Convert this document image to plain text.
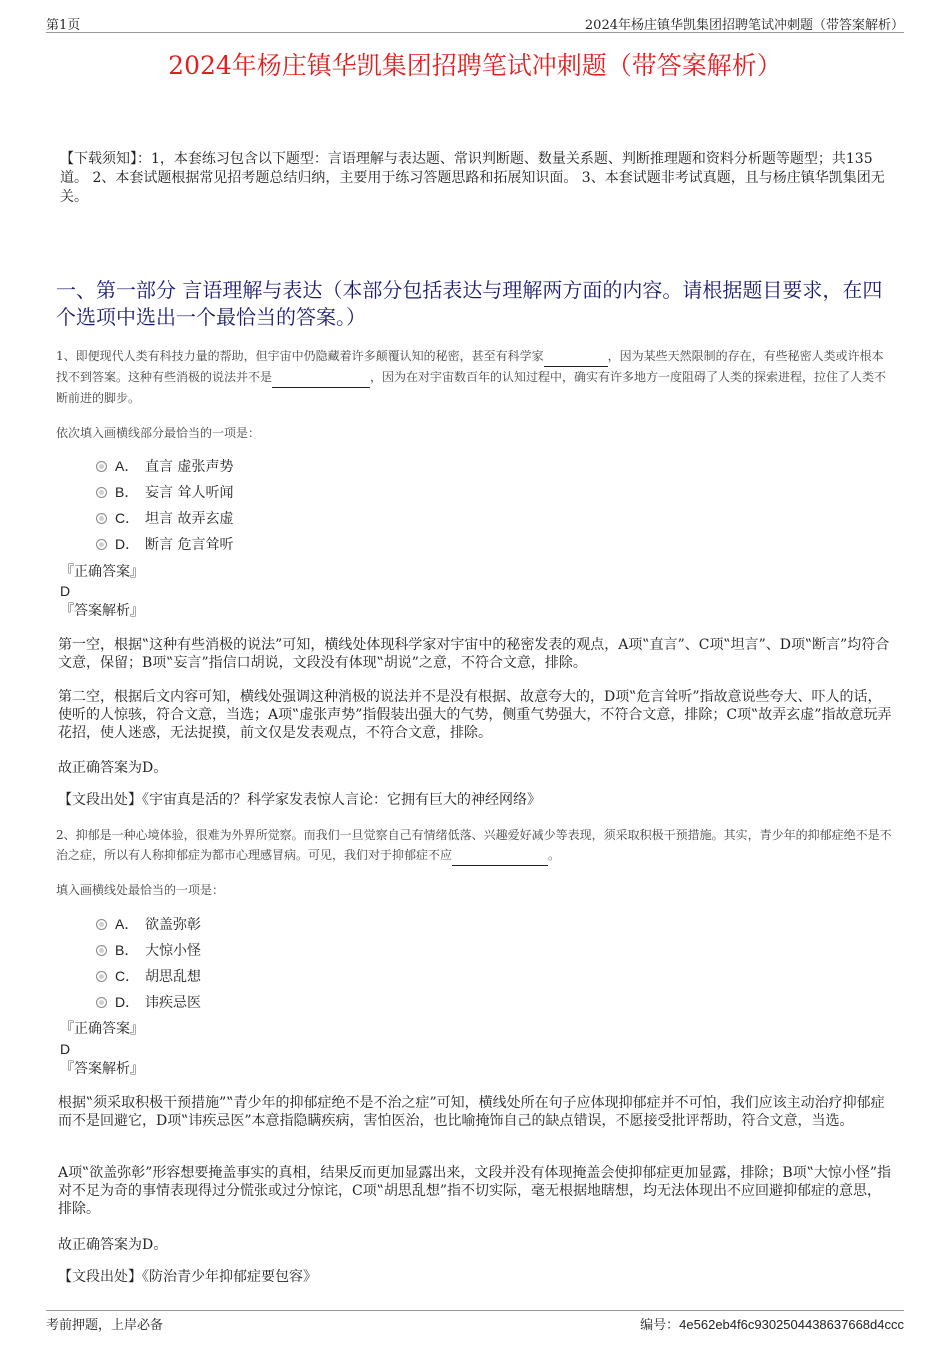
第1页	2024年杨庄镇华凯集团招聘笔试冲刺题（带答案解析）
2024年杨庄镇华凯集团招聘笔试冲刺题（带答案解析）
【下载须知】：1，本套练习包含以下题型：言语理解与表达题、常识判断题、数量关系题、判断推理题和资料分析题等题型；共135道。 2、本套试题根据常见招考题总结归纳，主要用于练习答题思路和拓展知识面。 3、本套试题非考试真题，且与杨庄镇华凯集团无关。
一、第一部分 言语理解与表达（本部分包括表达与理解两方面的内容。请根据题目要求，在四个选项中选出一个最恰当的答案。）
1、即便现代人类有科技力量的帮助，但宇宙中仍隐藏着许多颠覆认知的秘密，甚至有科学家	，因为某些天然限制的存在，有些秘密人类或许根本找不到答案。这种有些消极的说法并不是	，因为在对宇宙数百年的认知过程中，确实有许多地方一度阻碍了人类的探索进程，拉住了人类不断前进的脚步。
依次填入画横线部分最恰当的一项是：
A． 直言 虚张声势
B． 妄言 耸人听闻
C． 坦言 故弄玄虚
D． 断言 危言耸听
『正确答案』
D
『答案解析』
第一空，根据‟这种有些消极的说法”可知，横线处体现科学家对宇宙中的秘密发表的观点，A项‟直言”、C项‟坦言”、D项‟断言”均符合文意，保留；B项‟妄言”指信口胡说，文段没有体现‟胡说”之意，不符合文意，排除。
第二空，根据后文内容可知，横线处强调这种消极的说法并不是没有根据、故意夸大的，D项‟危言耸听”指故意说些夸大、吓人的话，使听的人惊骇，符合文意，当选；A项‟虚张声势”指假装出强大的气势，侧重气势强大，不符合文意，排除；C项‟故弄玄虚”指故意玩弄花招，使人迷惑，无法捉摸，前文仅是发表观点，不符合文意，排除。
故正确答案为D。
【文段出处】《宇宙真是活的？科学家发表惊人言论：它拥有巨大的神经网络》
2、抑郁是一种心境体验，很难为外界所觉察。而我们一旦觉察自己有情绪低落、兴趣爱好减少等表现，须采取积极干预措施。其实，青少年的抑郁症绝不是不治之症，所以有人称抑郁症为都市心理感冒病。可见，我们对于抑郁症不应	。
填入画横线处最恰当的一项是：
A． 欲盖弥彰
B． 大惊小怪
C． 胡思乱想
D． 讳疾忌医
『正确答案』
D
『答案解析』
根据‟须采取积极干预措施”‟青少年的抑郁症绝不是不治之症”可知，横线处所在句子应体现抑郁症并不可怕，我们应该主动治疗抑郁症而不是回避它，D项‟讳疾忌医”本意指隐瞒疾病，害怕医治，也比喻掩饰自己的缺点错误，不愿接受批评帮助，符合文意，当选。
A项‟欲盖弥彰”形容想要掩盖事实的真相，结果反而更加显露出来，文段并没有体现掩盖会使抑郁症更加显露，排除；B项‟大惊小怪”指对不足为奇的事情表现得过分慌张或过分惊诧，C项‟胡思乱想”指不切实际，毫无根据地瞎想，均无法体现出不应回避抑郁症的意思，排除。
故正确答案为D。
【文段出处】《防治青少年抑郁症要包容》
考前押题，上岸必备	编号：4e562eb4f6c9302504438637668d4ccc
